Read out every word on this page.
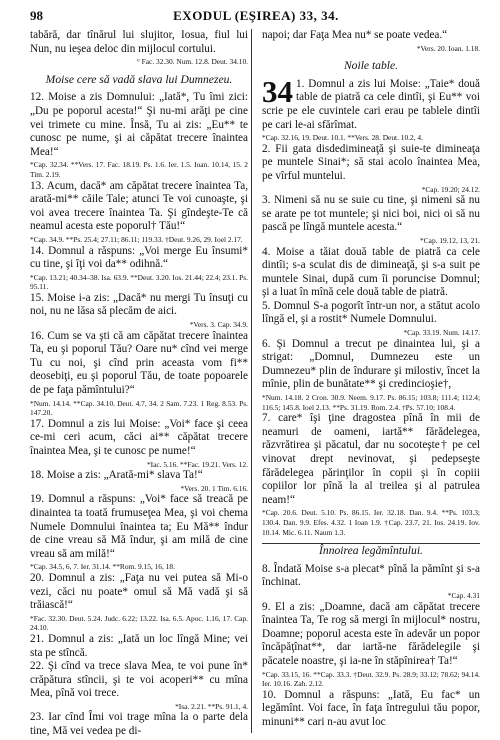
98	EXODUL (EŞIREA) 33, 34.

tabără, dar tînărul lui slujitor, Iosua, fiul lui Nun, nu ieşea deloc din mijlocul cortului.

° Fac. 32.30. Num. 12.8. Deut. 34.10.

Moise cere să vadă slava lui Dumnezeu.

12. Moise a zis Domnului: „Iată*, Tu îmi zici: „Du pe poporul acesta!“ Şi nu-mi arăţi pe cine vei trimete cu mine. Însă, Tu ai zis: „Eu** te cunosc pe nume, şi ai căpătat trecere înaintea Mea!“

*Cap. 32.34. **Vers. 17. Fac. 18.19. Ps. 1.6. Ier. 1.5. Ioan. 10.14, 15. 2 Tim. 2.19.

13. Acum, dacă* am căpătat trecere înaintea Ta, arată-mi** căile Tale; atunci Te voi cunoaşte, şi voi avea trecere înaintea Ta. Şi gîndeşte-Te că neamul acesta este poporul† Tău!“

*Cap. 34.9. **Ps. 25.4; 27.11; 86.11; 119.33. †Deut. 9.26, 29. Ioel 2.17.

14. Domnul a răspuns: „Voi merge Eu însumi* cu tine, şi îţi voi da** odihnă.“

*Cap. 13.21; 40.34–38. Isa. 63.9. **Deut. 3.20. Ios. 21.44; 22.4; 23.1. Ps. 95.11.

15. Moise i-a zis: „Dacă* nu mergi Tu însuţi cu noi, nu ne lăsa să plecăm de aici.

*Vers. 3. Cap. 34.9.

16. Cum se va şti că am căpătat trecere înaintea Ta, eu şi poporul Tău? Oare nu* cînd vei merge Tu cu noi, şi cînd prin aceasta vom fi** deosebiţi, eu şi poporul Tău, de toate popoarele de pe faţa pămîntului?“

*Num. 14.14. **Cap. 34.10. Deut. 4.7, 34. 2 Sam. 7.23. 1 Reg. 8.53. Ps. 147.20.

17. Domnul a zis lui Moise: „Voi* face şi ceea ce-mi ceri acum, căci ai** căpătat trecere înaintea Mea, şi te cunosc pe nume!“

*Iac. 5.16. **Fac. 19.21. Vers. 12.

18. Moise a zis: „Arată-mi* slava Ta!“

*Vers. 20. 1 Tim. 6.16.

19. Domnul a răspuns: „Voi* face să treacă pe dinaintea ta toată frumuseţea Mea, şi voi chema Numele Domnului înaintea ta; Eu Mă** îndur de cine vreau să Mă îndur, şi am milă de cine vreau să am milă!“

*Cap. 34.5, 6, 7. Ier. 31.14. **Rom. 9.15, 16, 18.

20. Domnul a zis: „Faţa nu vei putea să Mi-o vezi, căci nu poate* omul să Mă vadă şi să trăiască!“

*Fac. 32.30. Deut. 5.24. Judc. 6.22; 13.22. Isa. 6.5. Apoc. 1.16, 17. Cap. 24.10.

21. Domnul a zis: „Iată un loc lîngă Mine; vei sta pe stîncă.

22. Şi cînd va trece slava Mea, te voi pune în* crăpătura stîncii, şi te voi acoperi** cu mîna Mea, pînă voi trece.

*Isa. 2.21. **Ps. 91.1, 4.

23. Iar cînd Îmi voi trage mîna la o parte dela tine, Mă vei vedea pe di-

napoi; dar Faţa Mea nu* se poate vedea.“

*Vers. 20. Ioan. 1.18.

Noile table.

34 1. Domnul a zis lui Moise: „Taie* două table de piatră ca cele dintîi, şi Eu** voi scrie pe ele cuvintele cari erau pe tablele dintîi pe cari le-ai sfărîmat.

*Cap. 32.16, 19. Deut. 10.1. **Vers. 28. Deut. 10.2, 4.

2. Fii gata disdedimineaţă şi suie-te dimineaţa pe muntele Sinai*; să stai acolo înaintea Mea, pe vîrful muntelui.

*Cap. 19.20; 24.12.

3. Nimeni să nu se suie cu tine, şi nimeni să nu se arate pe tot muntele; şi nici boi, nici oi să nu pască pe lîngă muntele acesta.“

*Cap. 19.12, 13, 21.

4. Moise a tăiat două table de piatră ca cele dintîi; s-a sculat dis de dimineaţă, şi s-a suit pe muntele Sinai, după cum îi poruncise Domnul; şi a luat în mînă cele două table de piatră.

5. Domnul S-a pogorît într-un nor, a stătut acolo lîngă el, şi a rostit* Numele Domnului.

*Cap. 33.19. Num. 14.17.

6. Şi Domnul a trecut pe dinaintea lui, şi a strigat: „Domnul, Dumnezeu este un Dumnezeu* plin de îndurare şi milostiv, încet la mînie, plin de bunătate** şi credincioşie†,

*Num. 14.18. 2 Cron. 30.9. Neem. 9.17. Ps. 86.15; 103.8; 111.4; 112.4; 116.5; 145.8. Ioel 2.13. **Ps. 31.19. Rom. 2.4. †Ps. 57.10; 108.4.

7. care* îşi ţine dragostea pînă în mii de neamuri de oameni, iartă** fărădelegea, răzvrătirea şi păcatul, dar nu socoteşte† pe cel vinovat drept nevinovat, şi pedepseşte fărădelegea părinţilor în copii şi în copiii copiilor lor pînă la al treilea şi al patrulea neam!“

*Cap. 20.6. Deut. 5.10. Ps. 86.15. Ier. 32.18. Dan. 9.4. **Ps. 103.3; 130.4. Dan. 9.9. Efes. 4.32. 1 Ioan 1.9. †Cap. 23.7, 21. Ios. 24.19. Iov. 10.14. Mic. 6.11. Naum 1.3.

Înnoirea legămîntului.

8. Îndată Moise s-a plecat* pînă la pămînt şi s-a închinat.

*Cap. 4.31

9. El a zis: „Doamne, dacă am căpătat trecere înaintea Ta, Te rog să mergi în mijlocul* nostru, Doamne; poporul acesta este în adevăr un popor încăpăţînat**, dar iartă-ne fărădelegile şi păcatele noastre, şi ia-ne în stăpînirea† Ta!“

*Cap. 33.15, 16. **Cap. 33.3. †Deut. 32.9. Ps. 28.9; 33.12; 78.62; 94.14. Ier. 10.16. Zah. 2.12.

10. Domnul a răspuns: „Iată, Eu fac* un legămînt. Voi face, în faţa întregului tău popor, minuni** cari n-au avut loc
